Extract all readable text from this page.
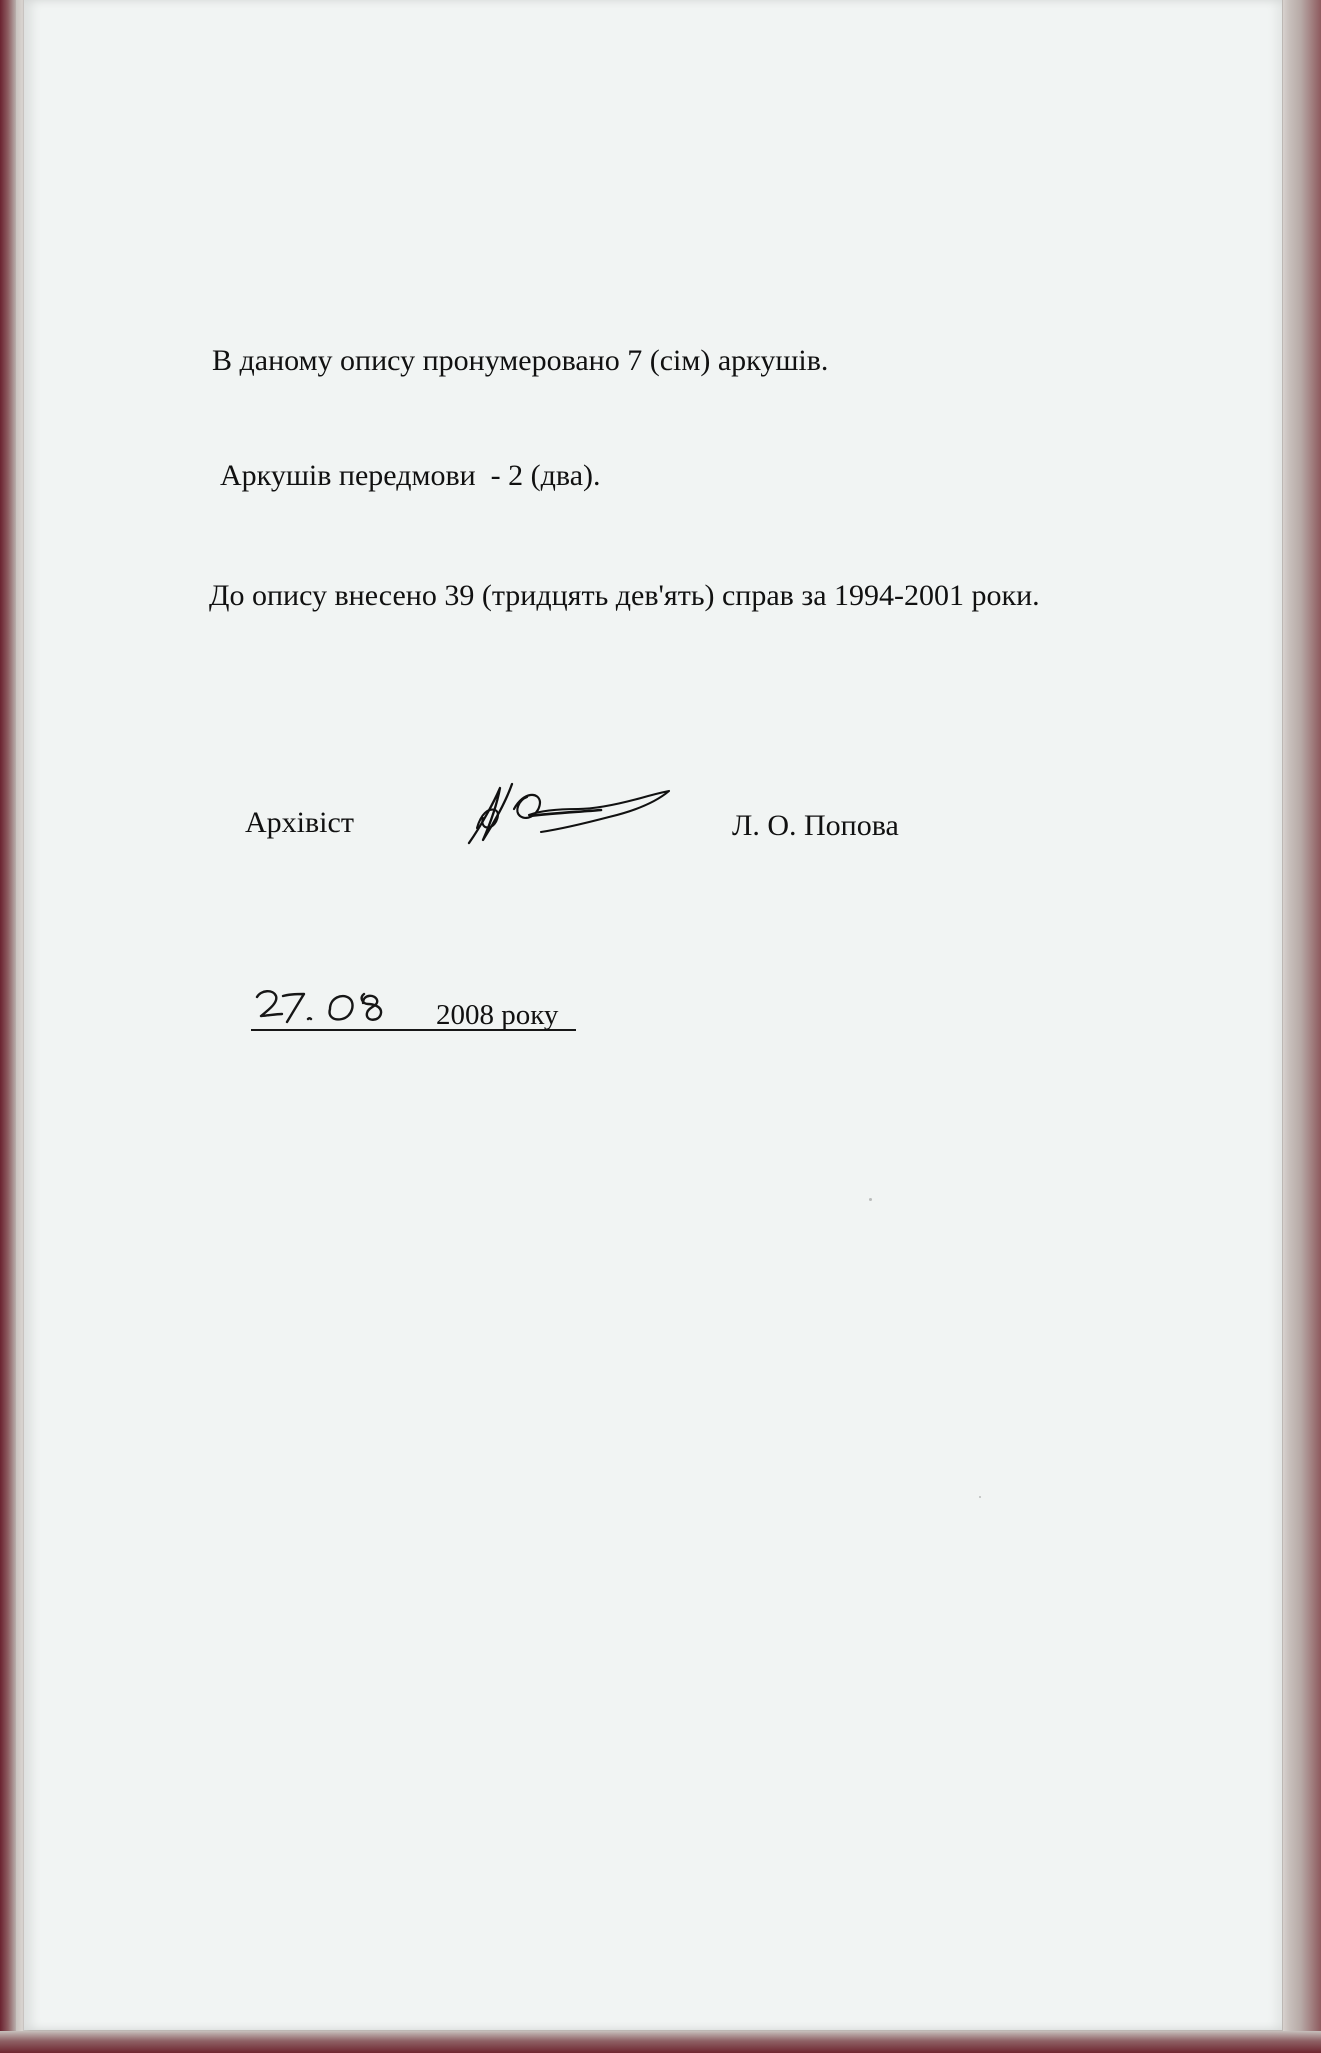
В даному опису пронумеровано 7 (сім) аркушів.
Аркушів передмови  - 2 (два).
До опису внесено 39 (тридцять дев'ять) справ за 1994-2001 роки.
Архівіст	Л. О. Попова
2008 року
